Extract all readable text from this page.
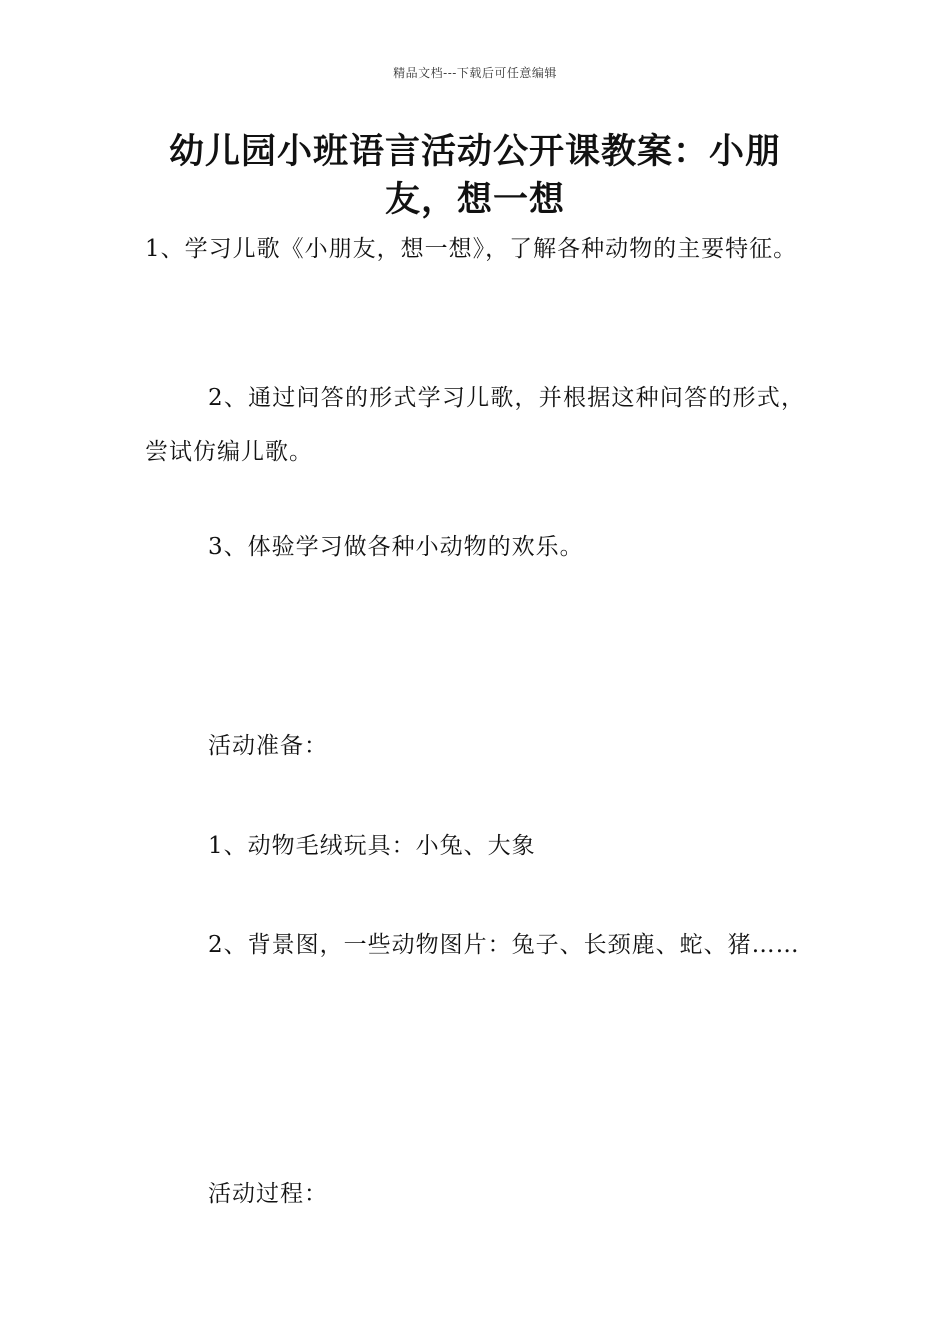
精品文档---下载后可任意编辑
幼儿园小班语言活动公开课教案：小朋友，想一想
1、学习儿歌《小朋友，想一想》，了解各种动物的主要特征。
2、通过问答的形式学习儿歌，并根据这种问答的形式，尝试仿编儿歌。
3、体验学习做各种小动物的欢乐。
活动准备：
1、动物毛绒玩具：小兔、大象
2、背景图，一些动物图片：兔子、长颈鹿、蛇、猪……
活动过程：
